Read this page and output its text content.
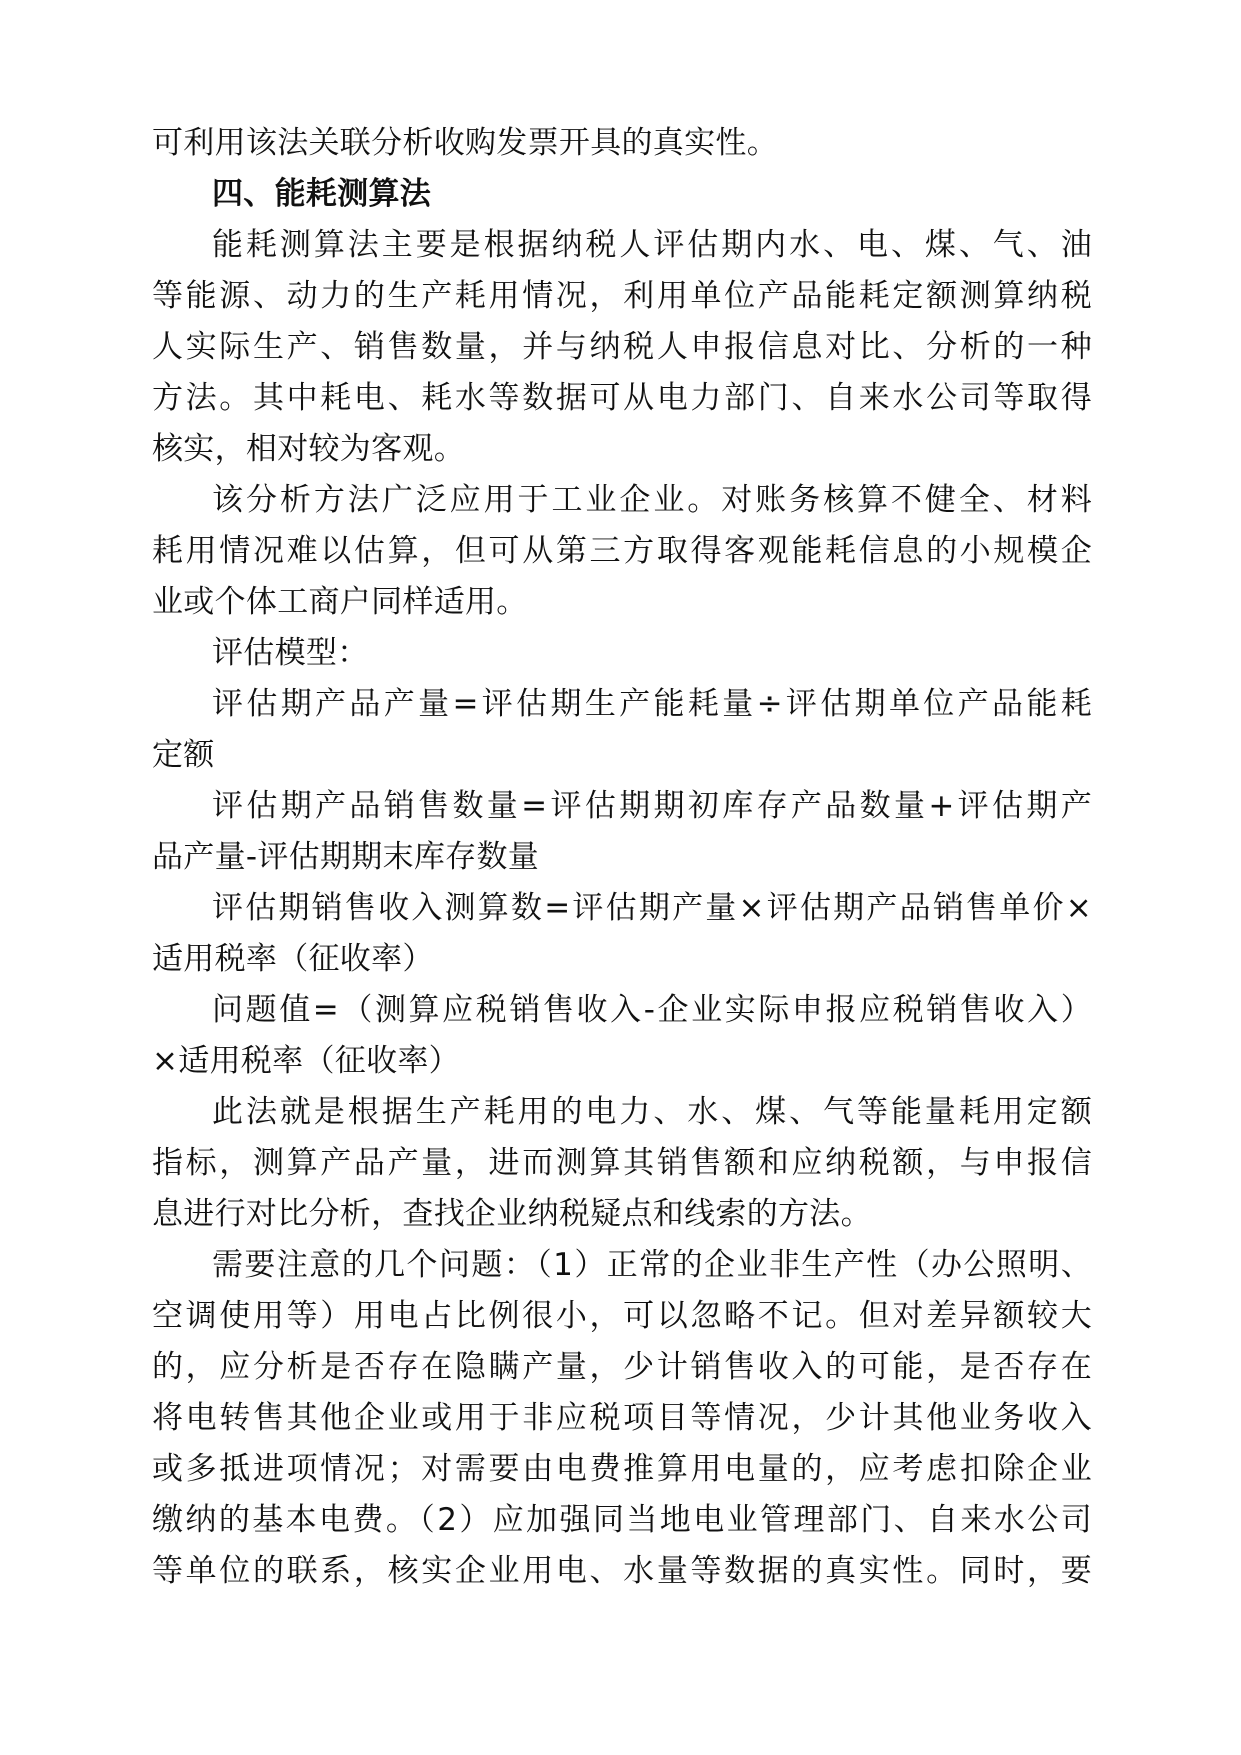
可利用该法关联分析收购发票开具的真实性。
四、能耗测算法
能耗测算法主要是根据纳税人评估期内水、电、煤、气、油
等能源、动力的生产耗用情况，利用单位产品能耗定额测算纳税
人实际生产、销售数量，并与纳税人申报信息对比、分析的一种
方法。其中耗电、耗水等数据可从电力部门、自来水公司等取得
核实，相对较为客观。
该分析方法广泛应用于工业企业。对账务核算不健全、材料
耗用情况难以估算，但可从第三方取得客观能耗信息的小规模企
业或个体工商户同样适用。
评估模型：
评估期产品产量=评估期生产能耗量÷评估期单位产品能耗
定额
评估期产品销售数量=评估期期初库存产品数量+评估期产
品产量-评估期期末库存数量
评估期销售收入测算数=评估期产量×评估期产品销售单价×
适用税率（征收率）
问题值=（测算应税销售收入-企业实际申报应税销售收入）
×适用税率（征收率）
此法就是根据生产耗用的电力、水、煤、气等能量耗用定额
指标，测算产品产量，进而测算其销售额和应纳税额，与申报信
息进行对比分析，查找企业纳税疑点和线索的方法。
需要注意的几个问题：（1）正常的企业非生产性（办公照明、
空调使用等）用电占比例很小，可以忽略不记。但对差异额较大
的，应分析是否存在隐瞒产量，少计销售收入的可能，是否存在
将电转售其他企业或用于非应税项目等情况，少计其他业务收入
或多抵进项情况；对需要由电费推算用电量的，应考虑扣除企业
缴纳的基本电费。（2）应加强同当地电业管理部门、自来水公司
等单位的联系，核实企业用电、水量等数据的真实性。同时，要
